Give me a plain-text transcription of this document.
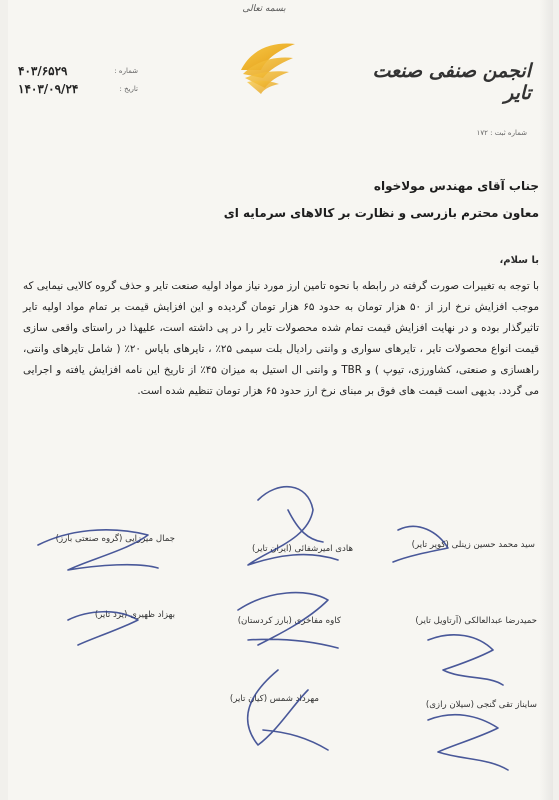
بسمه تعالی
شماره :
۴۰۳/۶۵۲۹
تاریخ :
۱۴۰۳/۰۹/۲۴
انجمن صنفی صنعت تایر
شماره ثبت : ۱۷۲
جناب آقای مهندس مولاخواه
معاون محترم بازرسی و نظارت بر کالاهای سرمایه ای
با سلام،
با توجه به تغییرات صورت گرفته در رابطه با نحوه تامین ارز مورد نیاز مواد اولیه صنعت تایر و حذف گروه کالایی نیمایی که موجب افزایش نرخ ارز از ۵۰ هزار تومان به حدود ۶۵ هزار تومان گردیده و این افزایش قیمت بر تمام مواد اولیه تایر تاثیرگذار بوده و در نهایت افزایش قیمت تمام شده محصولات تایر را در پی داشته است، علیهذا در راستای واقعی سازی قیمت انواع محصولات تایر ، تایرهای سواری و وانتی رادیال بلت سیمی ۲۵٪ ، تایرهای بایاس ۲۰٪ ( شامل تایرهای وانتی، راهسازی و صنعتی، کشاورزی، تیوپ ) و TBR و وانتی ال استیل به میزان ۴۵٪ از تاریخ این نامه افزایش یافته و اجرایی می گردد. بدیهی است قیمت های فوق بر مبنای نرخ ارز حدود ۶۵ هزار تومان تنظیم شده است.
سید محمد حسین زینلی (کویر تایر)
هادی امیرشفائی (ایران تایر)
جمال میرزایی (گروه صنعتی بارز)
حمیدرضا عبدالعالکی (آرتاویل تایر)
کاوه مفاخری (بارز کردستان)
بهزاد ظهیری (یزد تایر)
سایناز تقی گنجی (سیلان رازی)
مهرداد شمس (کیان تایر)
